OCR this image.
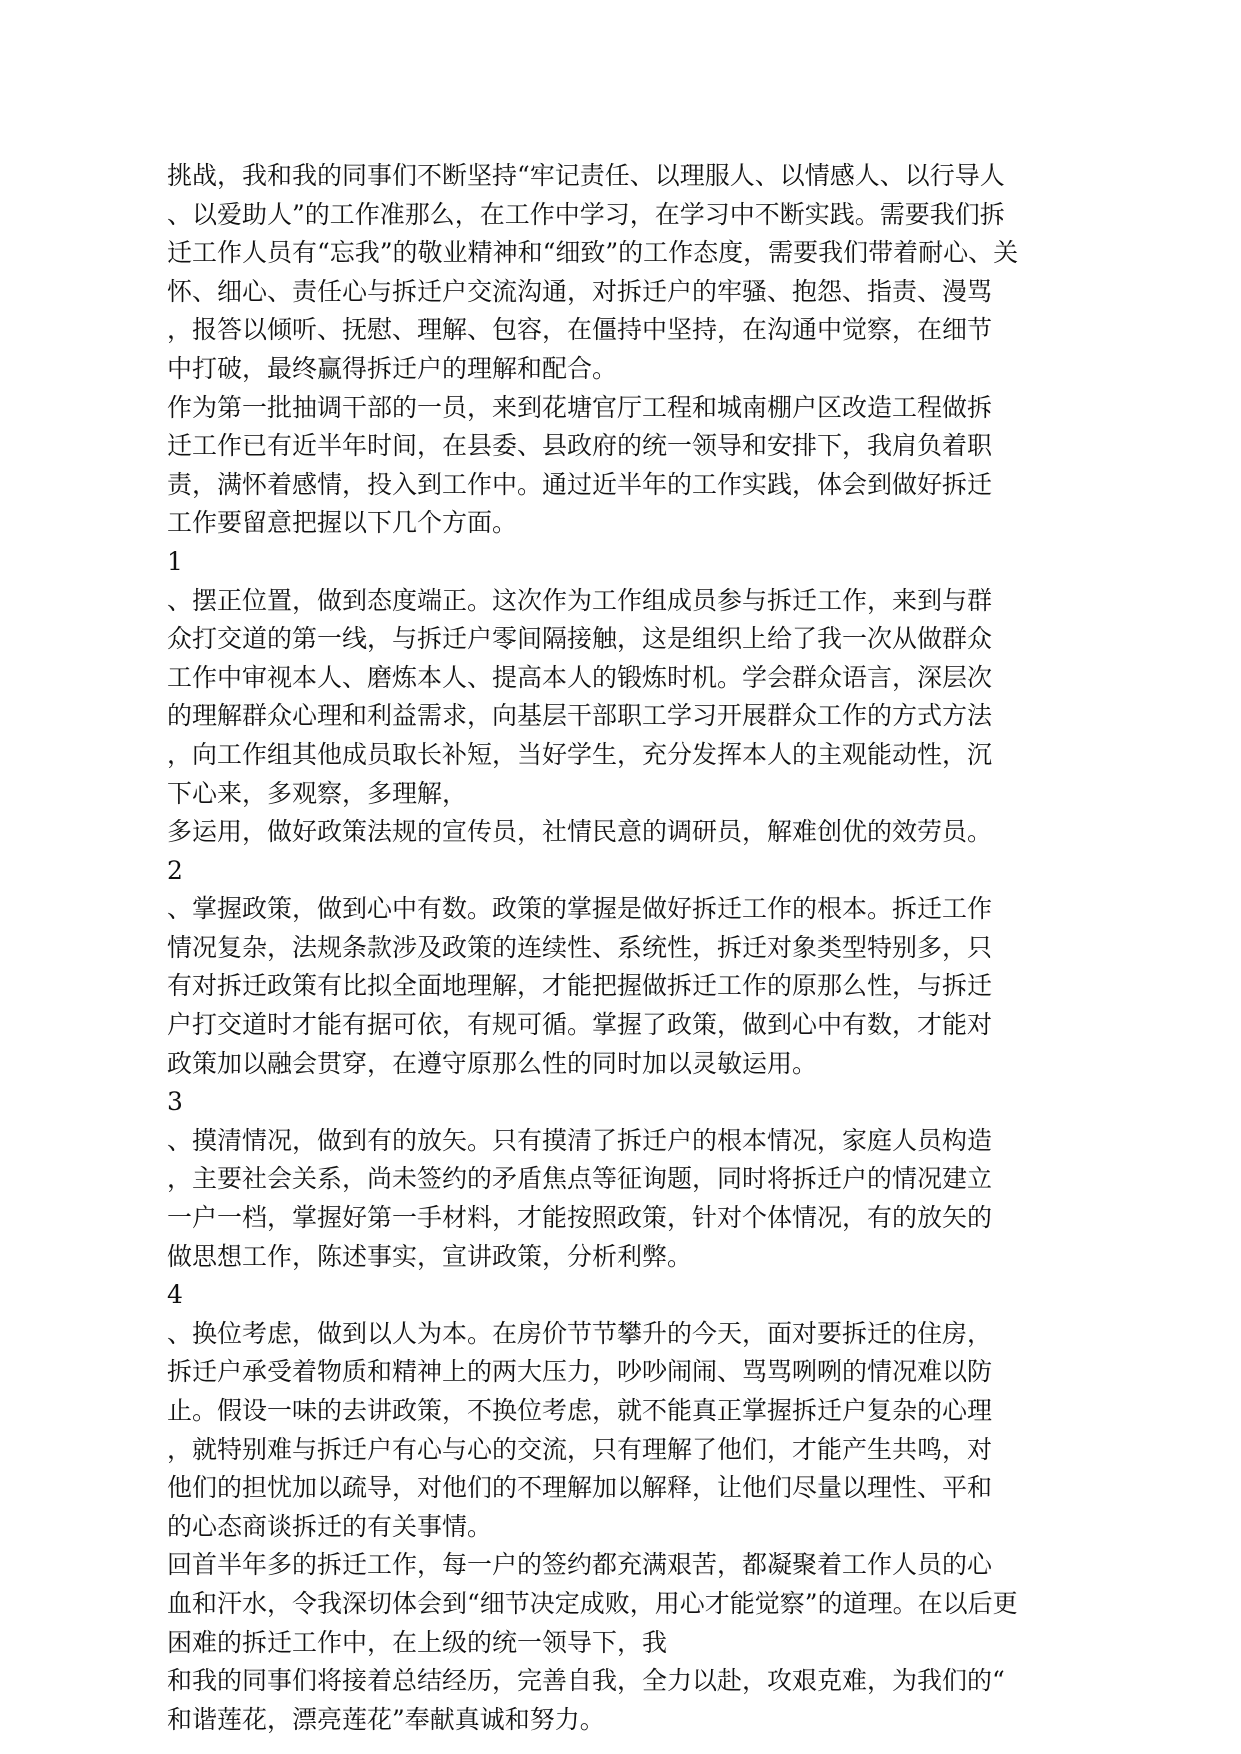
挑战，我和我的同事们不断坚持“牢记责任、以理服人、以情感人、以行导人
、以爱助人”的工作准那么，在工作中学习，在学习中不断实践。需要我们拆
迁工作人员有“忘我”的敬业精神和“细致”的工作态度，需要我们带着耐心、关
怀、细心、责任心与拆迁户交流沟通，对拆迁户的牢骚、抱怨、指责、漫骂
，报答以倾听、抚慰、理解、包容，在僵持中坚持，在沟通中觉察，在细节
中打破，最终赢得拆迁户的理解和配合。
作为第一批抽调干部的一员，来到花塘官厅工程和城南棚户区改造工程做拆
迁工作已有近半年时间，在县委、县政府的统一领导和安排下，我肩负着职
责，满怀着感情，投入到工作中。通过近半年的工作实践，体会到做好拆迁
工作要留意把握以下几个方面。
1
、摆正位置，做到态度端正。这次作为工作组成员参与拆迁工作，来到与群
众打交道的第一线，与拆迁户零间隔接触，这是组织上给了我一次从做群众
工作中审视本人、磨炼本人、提高本人的锻炼时机。学会群众语言，深层次
的理解群众心理和利益需求，向基层干部职工学习开展群众工作的方式方法
，向工作组其他成员取长补短，当好学生，充分发挥本人的主观能动性，沉
下心来，多观察，多理解，
多运用，做好政策法规的宣传员，社情民意的调研员，解难创优的效劳员。
2
、掌握政策，做到心中有数。政策的掌握是做好拆迁工作的根本。拆迁工作
情况复杂，法规条款涉及政策的连续性、系统性，拆迁对象类型特别多，只
有对拆迁政策有比拟全面地理解，才能把握做拆迁工作的原那么性，与拆迁
户打交道时才能有据可依，有规可循。掌握了政策，做到心中有数，才能对
政策加以融会贯穿，在遵守原那么性的同时加以灵敏运用。
3
、摸清情况，做到有的放矢。只有摸清了拆迁户的根本情况，家庭人员构造
，主要社会关系，尚未签约的矛盾焦点等征询题，同时将拆迁户的情况建立
一户一档，掌握好第一手材料，才能按照政策，针对个体情况，有的放矢的
做思想工作，陈述事实，宣讲政策，分析利弊。
4
、换位考虑，做到以人为本。在房价节节攀升的今天，面对要拆迁的住房，
拆迁户承受着物质和精神上的两大压力，吵吵闹闹、骂骂咧咧的情况难以防
止。假设一味的去讲政策，不换位考虑，就不能真正掌握拆迁户复杂的心理
，就特别难与拆迁户有心与心的交流，只有理解了他们，才能产生共鸣，对
他们的担忧加以疏导，对他们的不理解加以解释，让他们尽量以理性、平和
的心态商谈拆迁的有关事情。
回首半年多的拆迁工作，每一户的签约都充满艰苦，都凝聚着工作人员的心
血和汗水，令我深切体会到“细节决定成败，用心才能觉察”的道理。在以后更
困难的拆迁工作中，在上级的统一领导下，我
和我的同事们将接着总结经历，完善自我，全力以赴，攻艰克难，为我们的“
和谐莲花，漂亮莲花”奉献真诚和努力。
